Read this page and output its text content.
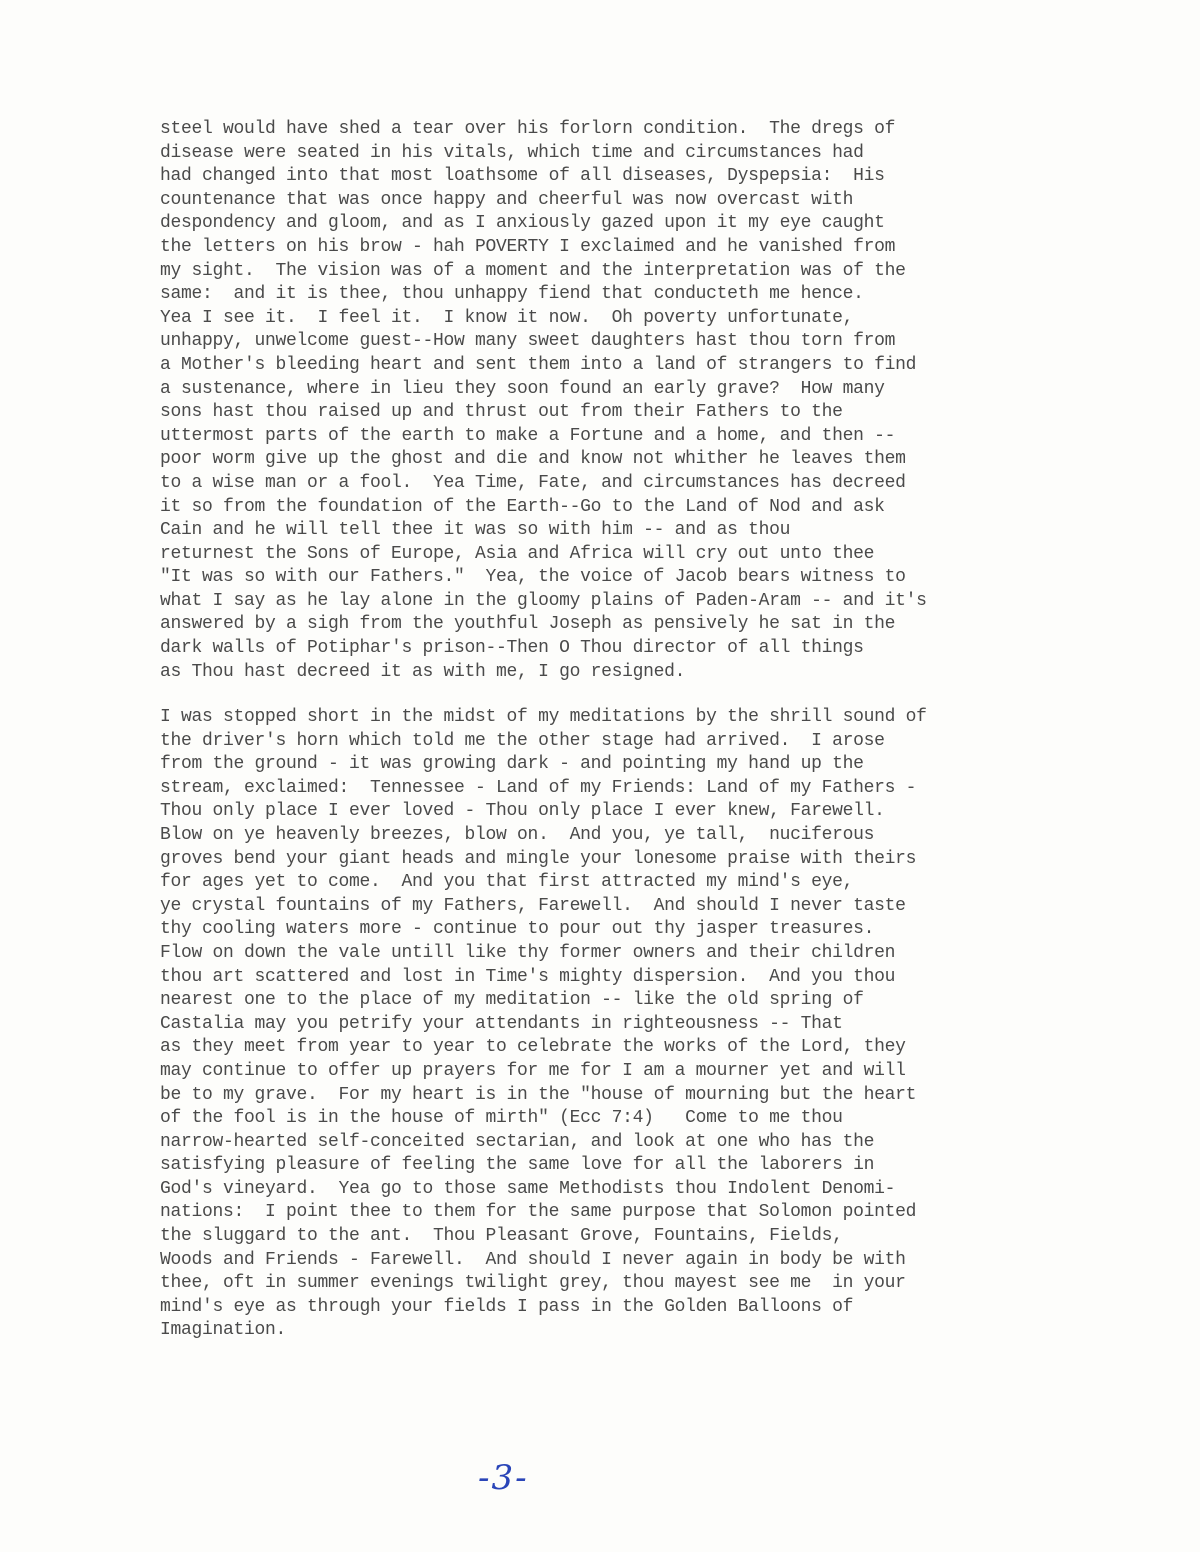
steel would have shed a tear over his forlorn condition.  The dregs of
disease were seated in his vitals, which time and circumstances had
had changed into that most loathsome of all diseases, Dyspepsia:  His
countenance that was once happy and cheerful was now overcast with
despondency and gloom, and as I anxiously gazed upon it my eye caught
the letters on his brow - hah POVERTY I exclaimed and he vanished from
my sight.  The vision was of a moment and the interpretation was of the
same:  and it is thee, thou unhappy fiend that conducteth me hence.
Yea I see it.  I feel it.  I know it now.  Oh poverty unfortunate,
unhappy, unwelcome guest--How many sweet daughters hast thou torn from
a Mother's bleeding heart and sent them into a land of strangers to find
a sustenance, where in lieu they soon found an early grave?  How many
sons hast thou raised up and thrust out from their Fathers to the
uttermost parts of the earth to make a Fortune and a home, and then --
poor worm give up the ghost and die and know not whither he leaves them
to a wise man or a fool.  Yea Time, Fate, and circumstances has decreed
it so from the foundation of the Earth--Go to the Land of Nod and ask
Cain and he will tell thee it was so with him -- and as thou
returnest the Sons of Europe, Asia and Africa will cry out unto thee
"It was so with our Fathers."  Yea, the voice of Jacob bears witness to
what I say as he lay alone in the gloomy plains of Paden-Aram -- and it's
answered by a sigh from the youthful Joseph as pensively he sat in the
dark walls of Potiphar's prison--Then O Thou director of all things
as Thou hast decreed it as with me, I go resigned.

I was stopped short in the midst of my meditations by the shrill sound of
the driver's horn which told me the other stage had arrived.  I arose
from the ground - it was growing dark - and pointing my hand up the
stream, exclaimed:  Tennessee - Land of my Friends: Land of my Fathers -
Thou only place I ever loved - Thou only place I ever knew, Farewell.
Blow on ye heavenly breezes, blow on.  And you, ye tall,  nuciferous
groves bend your giant heads and mingle your lonesome praise with theirs
for ages yet to come.  And you that first attracted my mind's eye,
ye crystal fountains of my Fathers, Farewell.  And should I never taste
thy cooling waters more - continue to pour out thy jasper treasures.
Flow on down the vale untill like thy former owners and their children
thou art scattered and lost in Time's mighty dispersion.  And you thou
nearest one to the place of my meditation -- like the old spring of
Castalia may you petrify your attendants in righteousness -- That
as they meet from year to year to celebrate the works of the Lord, they
may continue to offer up prayers for me for I am a mourner yet and will
be to my grave.  For my heart is in the "house of mourning but the heart
of the fool is in the house of mirth" (Ecc 7:4)   Come to me thou
narrow-hearted self-conceited sectarian, and look at one who has the
satisfying pleasure of feeling the same love for all the laborers in
God's vineyard.  Yea go to those same Methodists thou Indolent Denomi-
nations:  I point thee to them for the same purpose that Solomon pointed
the sluggard to the ant.  Thou Pleasant Grove, Fountains, Fields,
Woods and Friends - Farewell.  And should I never again in body be with
thee, oft in summer evenings twilight grey, thou mayest see me  in your
mind's eye as through your fields I pass in the Golden Balloons of
Imagination.

-3-
